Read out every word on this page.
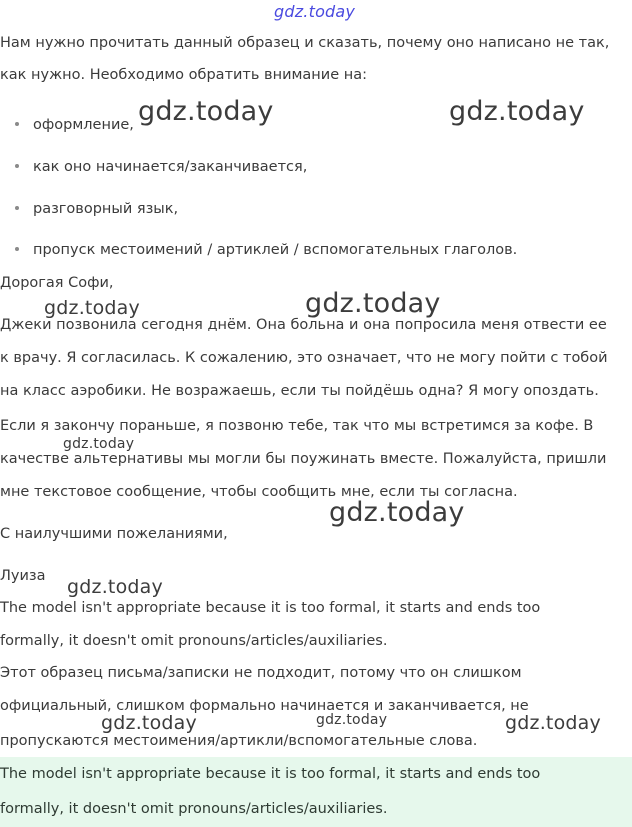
Нам нужно прочитать данный образец и сказать, почему оно написано не так,

как нужно. Необходимо обратить внимание на:

оформление,
как оно начинается/заканчивается,
разговорный язык,
пропуск местоимений / артиклей / вспомогательных глаголов.

Дорогая Софи,

Джеки позвонила сегодня днём. Она больна и она попросила меня отвести ее

к врачу. Я согласилась. К сожалению, это означает, что не могу пойти с тобой

на класс аэробики. Не возражаешь, если ты пойдёшь одна? Я могу опоздать.

Если я закончу пораньше, я позвоню тебе, так что мы встретимся за кофе. В

качестве альтернативы мы могли бы поужинать вместе. Пожалуйста, пришли

мне текстовое сообщение, чтобы сообщить мне, если ты согласна.

С наилучшими пожеланиями,

Луиза

The model isn't appropriate because it is too formal, it starts and ends too

formally, it doesn't omit pronouns/articles/auxiliaries.

Этот образец письма/записки не подходит, потому что он слишком

официальный, слишком формально начинается и заканчивается, не

пропускаются местоимения/артикли/вспомогательные слова.

The model isn't appropriate because it is too formal, it starts and ends too

formally, it doesn't omit pronouns/articles/auxiliaries.

gdz.today
gdz.today	gdz.today
gdz.today	gdz.today
gdz.today
gdz.today
gdz.today
gdz.today	gdz.today	gdz.today
